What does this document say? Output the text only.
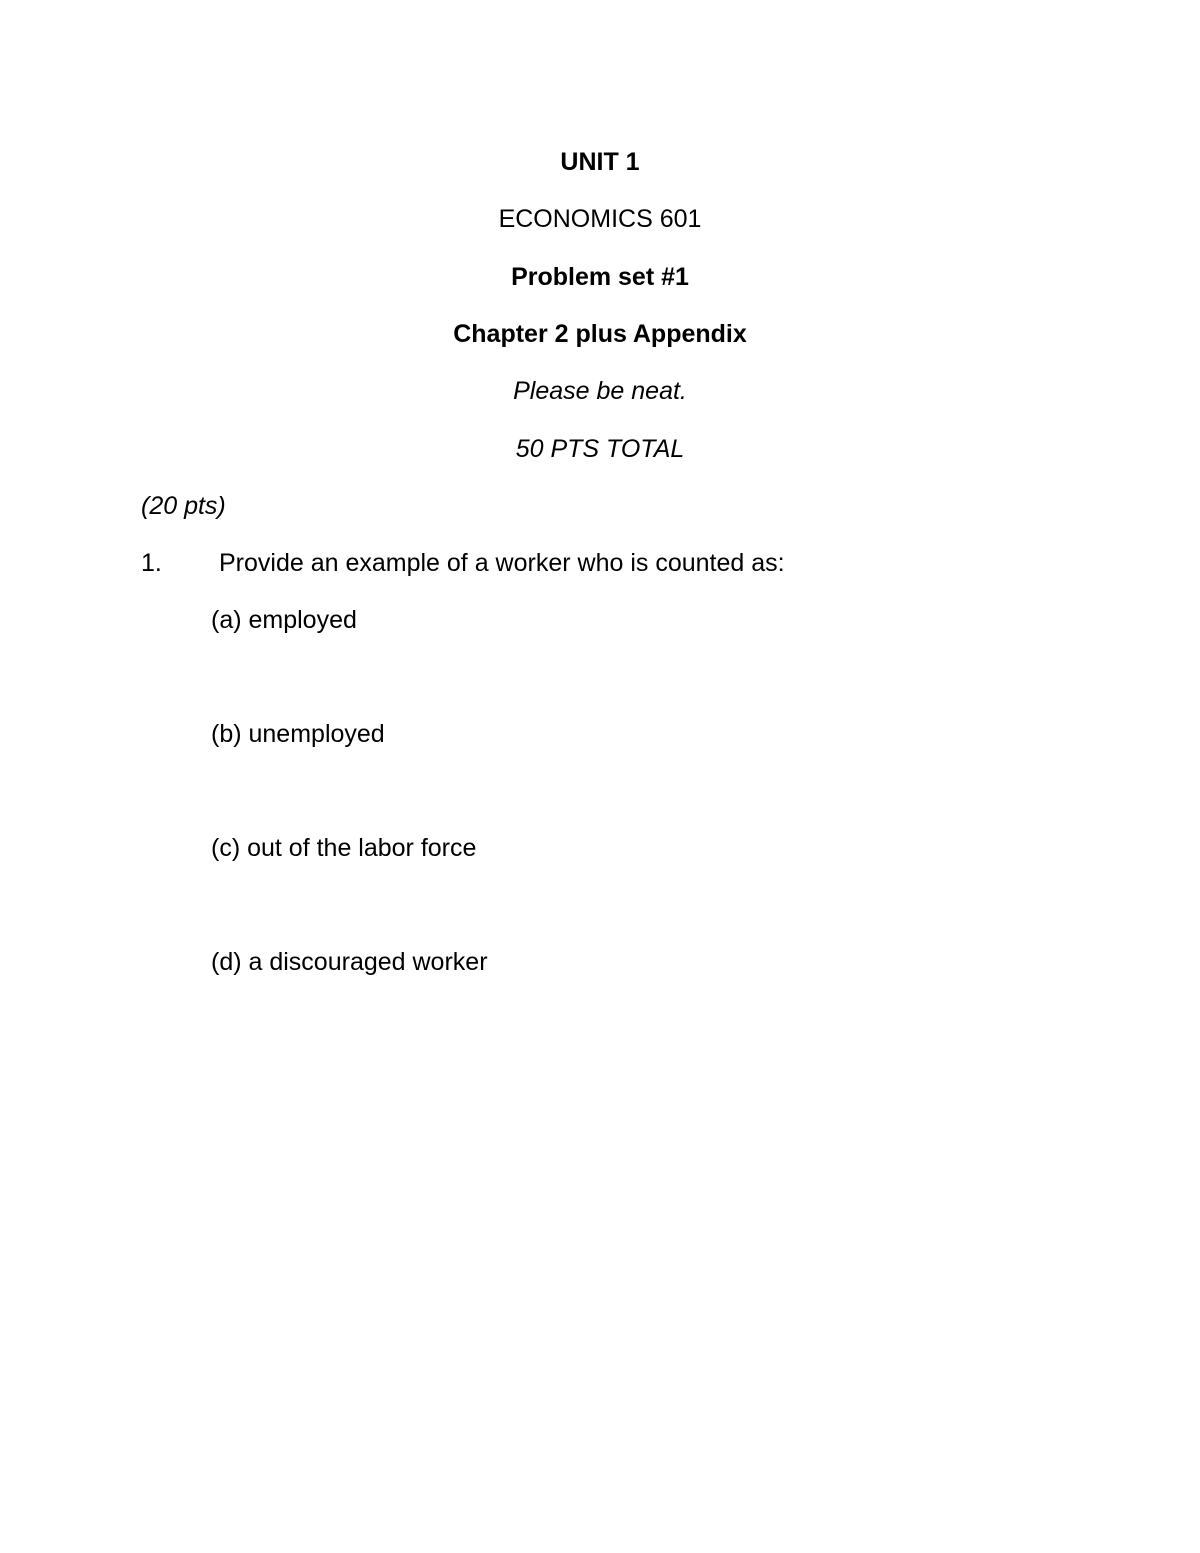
UNIT 1
ECONOMICS 601
Problem set #1
Chapter 2 plus Appendix
Please be neat.
50 PTS TOTAL
(20 pts)
1. Provide an example of a worker who is counted as:
(a) employed
(b) unemployed
(c) out of the labor force
(d) a discouraged worker
